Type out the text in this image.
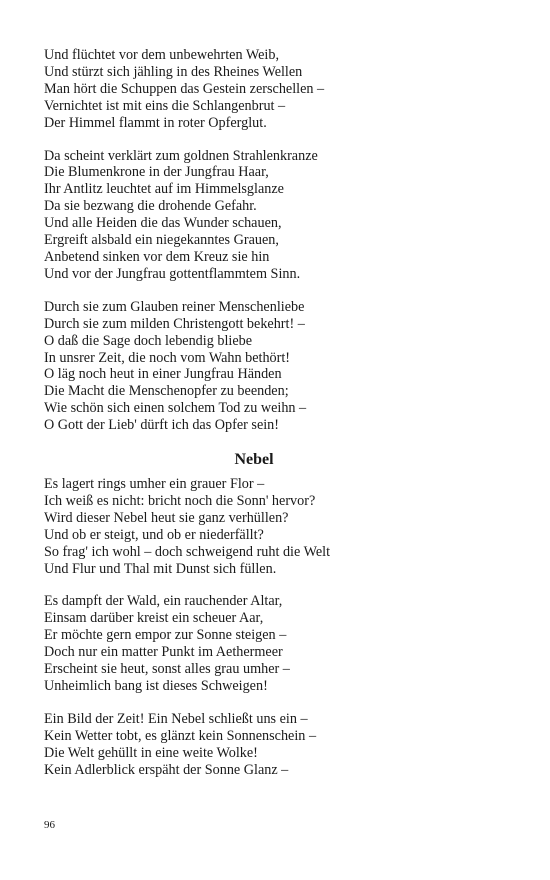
Und flüchtet vor dem unbewehrten Weib,
Und stürzt sich jähling in des Rheines Wellen
Man hört die Schuppen das Gestein zerschellen –
Vernichtet ist mit eins die Schlangenbrut –
Der Himmel flammt in roter Opferglut.
Da scheint verklärt zum goldnen Strahlenkranze
Die Blumenkrone in der Jungfrau Haar,
Ihr Antlitz leuchtet auf im Himmelsglanze
Da sie bezwang die drohende Gefahr.
Und alle Heiden die das Wunder schauen,
Ergreift alsbald ein niegekanntes Grauen,
Anbetend sinken vor dem Kreuz sie hin
Und vor der Jungfrau gottentflammtem Sinn.
Durch sie zum Glauben reiner Menschenliebe
Durch sie zum milden Christengott bekehrt! –
O daß die Sage doch lebendig bliebe
In unsrer Zeit, die noch vom Wahn bethört!
O läg noch heut in einer Jungfrau Händen
Die Macht die Menschenopfer zu beenden;
Wie schön sich einen solchem Tod zu weihn –
O Gott der Lieb' dürft ich das Opfer sein!
Nebel
Es lagert rings umher ein grauer Flor –
Ich weiß es nicht: bricht noch die Sonn' hervor?
Wird dieser Nebel heut sie ganz verhüllen?
Und ob er steigt, und ob er niederfällt?
So frag' ich wohl – doch schweigend ruht die Welt
Und Flur und Thal mit Dunst sich füllen.
Es dampft der Wald, ein rauchender Altar,
Einsam darüber kreist ein scheuer Aar,
Er möchte gern empor zur Sonne steigen –
Doch nur ein matter Punkt im Aethermeer
Erscheint sie heut, sonst alles grau umher –
Unheimlich bang ist dieses Schweigen!
Ein Bild der Zeit! Ein Nebel schließt uns ein –
Kein Wetter tobt, es glänzt kein Sonnenschein –
Die Welt gehüllt in eine weite Wolke!
Kein Adlerblick erspäht der Sonne Glanz –
96
